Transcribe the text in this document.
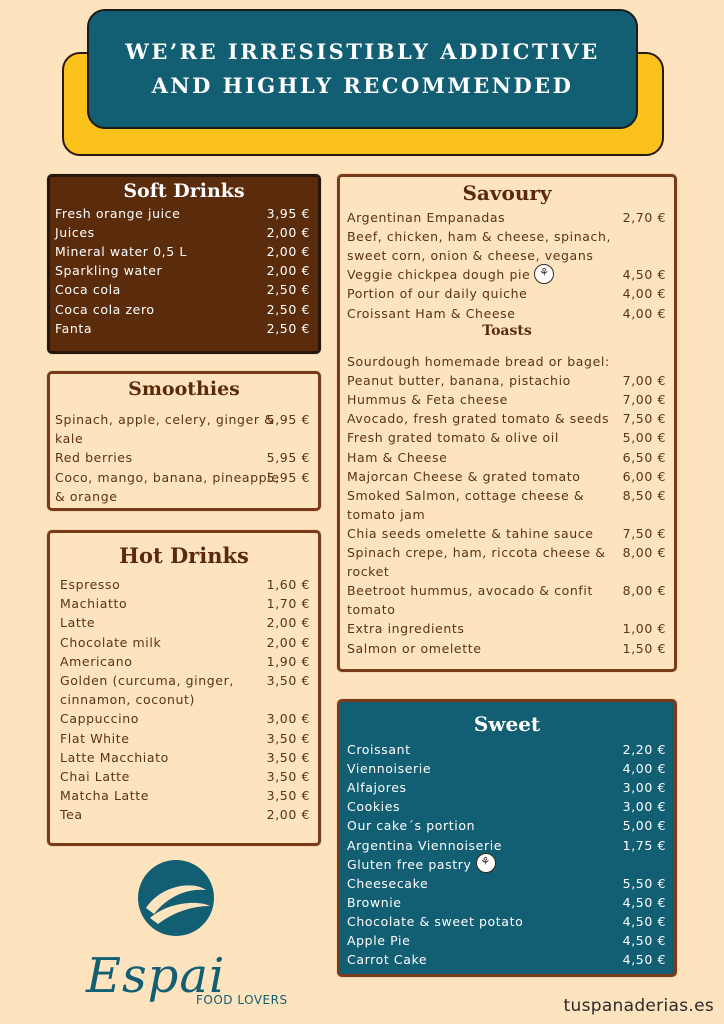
WE’RE IRRESISTIBLY ADDICTIVE
AND HIGHLY RECOMMENDED
Soft Drinks
Fresh orange juice	3,95 €
Juices	2,00 €
Mineral water 0,5 L	2,00 €
Sparkling water	2,00 €
Coca cola	2,50 €
Coca cola zero	2,50 €
Fanta	2,50 €
Smoothies
Spinach, apple, celery, ginger &
kale
5,95 €
Red berries	5,95 €
Coco, mango, banana, pineapple
& orange
5,95 €
Hot Drinks
Espresso	1,60 €
Machiatto	1,70 €
Latte	2,00 €
Chocolate milk	2,00 €
Americano	1,90 €
Golden (curcuma, ginger,
cinnamon, coconut)
3,50 €
Cappuccino	3,00 €
Flat White	3,50 €
Latte Macchiato	3,50 €
Chai Latte	3,50 €
Matcha Latte	3,50 €
Tea	2,00 €
Savoury
Argentinan Empanadas	2,70 €
Beef, chicken, ham & cheese, spinach,
sweet corn, onion & cheese, vegans
Veggie chickpea dough pie ⚘	4,50 €
Portion of our daily quiche	4,00 €
Croissant Ham & Cheese	4,00 €
Toasts
Sourdough homemade bread or bagel:
Peanut butter, banana, pistachio	7,00 €
Hummus & Feta cheese	7,00 €
Avocado, fresh grated tomato & seeds 7,50 €
Fresh grated tomato & olive oil	5,00 €
Ham & Cheese	6,50 €
Majorcan Cheese & grated tomato	6,00 €
Smoked Salmon, cottage cheese &	8,50 €
tomato jam
Chia seeds omelette & tahine sauce 7,50 €
Spinach crepe, ham, riccota cheese & 8,00 €
rocket
Beetroot hummus, avocado & confit 8,00 €
tomato
Extra ingredients	1,00 €
Salmon or omelette	1,50 €
Sweet
Croissant	2,20 €
Viennoiserie	4,00 €
Alfajores	3,00 €
Cookies	3,00 €
Our cake´s portion	5,00 €
Argentina Viennoiserie	1,75 €
Gluten free pastry ⚘
Cheesecake	5,50 €
Brownie	4,50 €
Chocolate & sweet potato	4,50 €
Apple Pie	4,50 €
Carrot Cake	4,50 €
Espai
FOOD LOVERS	tuspanaderias.es
